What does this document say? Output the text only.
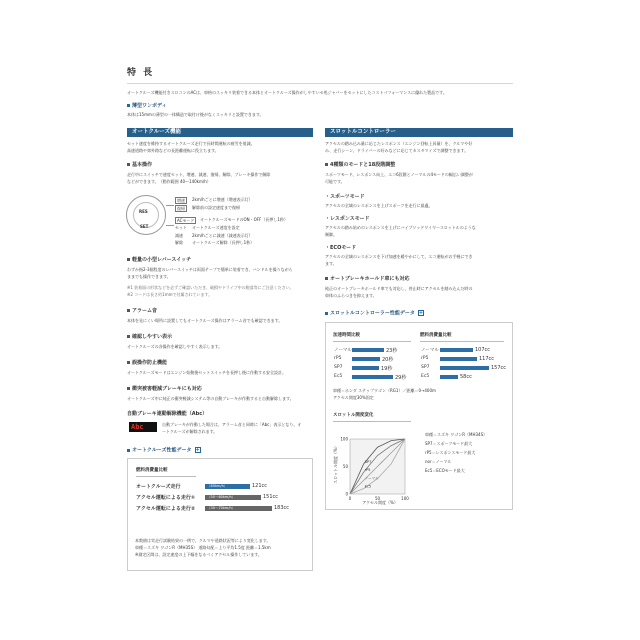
特 長
オートクルーズ機能付きスロコンのACは、車格のスッキリ装着できる本体とオートクルーズ操作がしやすいセ処ジャバーをセットにしたコストパフォーマンスに優れた製品です。
薄型ワンボディ
本体は15mmの薄型の一体構造で取付け後がなくスッキリと設置できます。
オートクルーズ機能
セット速度を維持するオートクルーズ走行で長時間運転の疲労を低減。
高速道路や郊外路などの長距離運転に役立ちます。
基本操作
走行中にスイッチで速度セット、増速、減速、復帰、解除、ブレーキ操作で解除
などができます。（動作範囲 40〜140km/h）
RES
SET
増速	2km/hごとに増速（増速表示灯）
復帰	解除前の設定速度まで復帰
ACモード	オートクルーズモードのON・OFF（長押し1秒）
セット オートクルーズ速度を設定
減速 2km/hごとに減速（減速表示灯）
解除 オートクルーズ解除（長押し1秒）
軽量の小型レバースイッチ
わずか指2-3個程度のレバースイッチは両面テープで簡単に装着でき、ハンドルを操りながら
ままでも操作できます。
※1 装着面の形状などを必ずご確認いただき、破損やドライブ中の脱落等にご注意ください。
※2 コードは長さ約1mmで付属されています。
アラーム音
本体を見にくい場所に設置してもオートクルーズ操作はアラーム音でも確認できます。
確認しやすい表示
オートクルーズの各操作を確認しやすく表示します。
誤操作防止機能
オートクルーズモードはエンジン始動後セットスイッチを長押し後に作動する安全設計。
衝突被害軽減ブレーキにも対応
オートクルーズ中に純正の衝突軽減システム等の自動ブレーキが作動すると自動解除します。
自動ブレーキ連動解除機能（Abc）
Abc	自動ブレーキが作動した場合は、アラーム音と同時に「Abc」表示となり、オ
ートクルーズが解除されます。
オートクルーズ性能データ +
燃料消費量比較
オートクルーズ走行	（60km/h）	121cc
アクセル運転による走行①	（50〜60km/h）	151cc
アクセル運転による走行②	（30〜70km/h）	183cc
本数値は実走行試験結果の一例で、クルマや道路状況等により変化します。
車種＝スズキ ワゴンR（MH35S） 道路勾配＝上り平均1.5度 距離＝1.5km
※測定区間は、設定速度の上下幅をなるべくアクセル操作しています。
スロットルコントローラー
アクセルの踏み込み量に応じたレスポンス（エンジン回転上昇量）を、クルマや好
み、走行シーン、ドライバーの好みなどに応じてカスタマイズで調整できます。
4種類のモードと18段階調整
スポーツモード、レスポンス向上、エコ6段階とノーマルの4モードの幅広い調整が
可能です。
・スポーツモード
アクセルの全域のレスポンスを上げスポーツを走行に最適。
・レスポンスモード
アクセルの踏み始めのレスポンスを上げにハイブリッドワイヤースロットルのような
制御。
・ECOモード
アクセルの全域のレスポンスを下げ加速を緩やかにして、エコ運転がお手軽にでき
ます。
オートブレーキホールド車にも対応
純正のオートブレーキホールド車でも対応し、停止時にアクセルを踏み込んだ時の
車体のふらつきを抑えます。
スロットルコントローラー性能データ +
加速時間比較
ノーマル	23秒
rP5	20秒
SP7	19秒
Ec5	29秒
燃料消費量比較
ノーマル	107cc
rP5	117cc
SP7	157cc
Ec5	58cc
車種＝ホンダ ステップワゴン（RG1）／距離＝0→400m
アクセル開度30%固定
スロットル開度変化
スロットル開度（%）
アクセル開度（%）
0	50	100
0
50
100
SP7
rP5
ノーマル
Ec5
車種＝スズキ ワゴンR（MH34S）
SP7＝スポーツモード最大
rP5＝レスポンスモード最大
nor＝ノーマル
Ec5＝ECOモード最大
